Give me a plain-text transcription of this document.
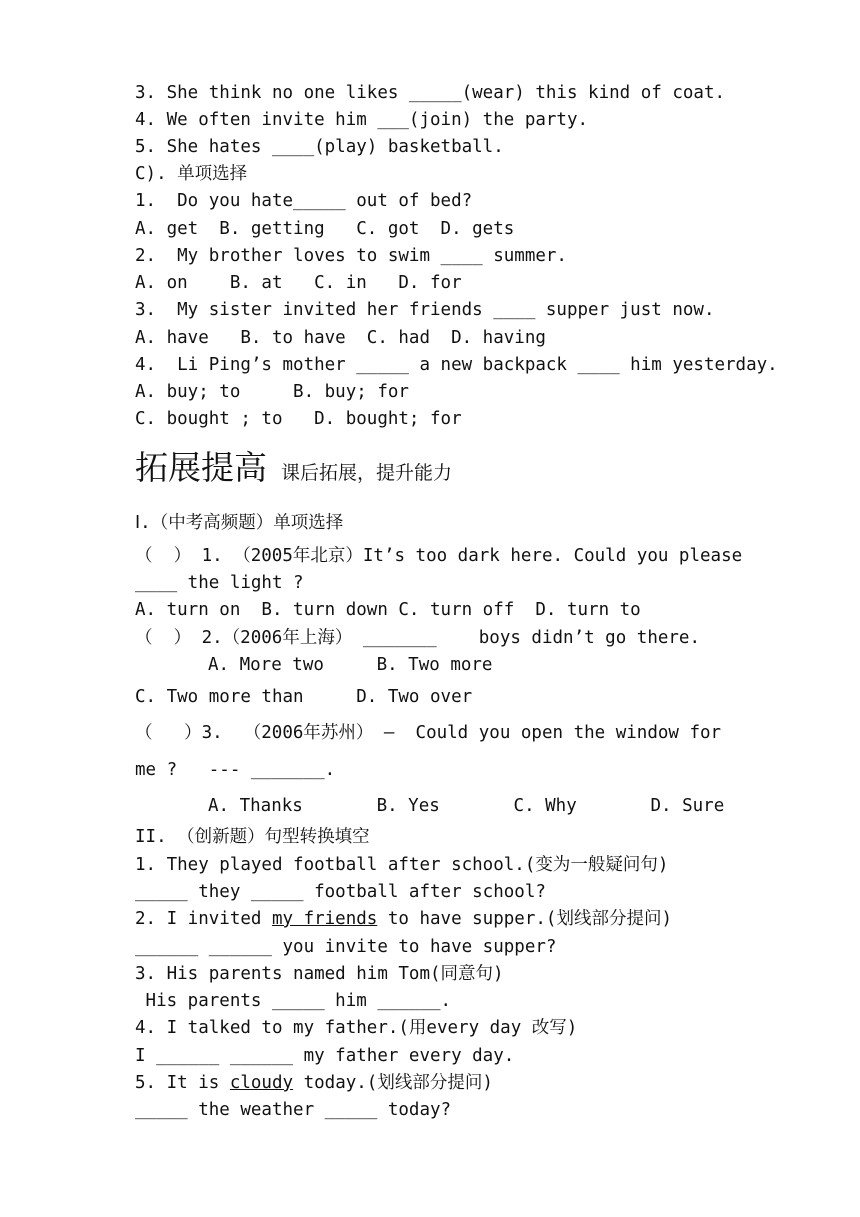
3. She think no one likes _____(wear) this kind of coat.
4. We often invite him ___(join) the party.
5. She hates ____(play) basketball.
C). 单项选择
1.  Do you hate_____ out of bed?
A. get  B. getting   C. got  D. gets
2.  My brother loves to swim ____ summer.
A. on    B. at   C. in   D. for
3.  My sister invited her friends ____ supper just now.
A. have   B. to have  C. had  D. having
4.  Li Ping’s mother _____ a new backpack ____ him yesterday.
A. buy; to     B. buy; for
C. bought ; to   D. bought; for
拓展提高 课后拓展，提升能力
Ⅰ.（中考高频题）单项选择
（  ） 1. （2005年北京）It’s too dark here. Could you please
____ the light ?
A. turn on  B. turn down C. turn off  D. turn to
（  ） 2.（2006年上海） _______    boys didn’t go there.
A. More two     B. Two more
C. Two more than     D. Two over
（   ）3.  （2006年苏州） –  Could you open the window for
me ?   --- _______.
A. Thanks       B. Yes       C. Why       D. Sure
II. （创新题）句型转换填空
1. They played football after school.(变为一般疑问句)
_____ they _____ football after school?
2. I invited my friends to have supper.(划线部分提问)
______ ______ you invite to have supper?
3. His parents named him Tom(同意句)
His parents _____ him ______.
4. I talked to my father.(用every day 改写)
I ______ ______ my father every day.
5. It is cloudy today.(划线部分提问)
_____ the weather _____ today?
